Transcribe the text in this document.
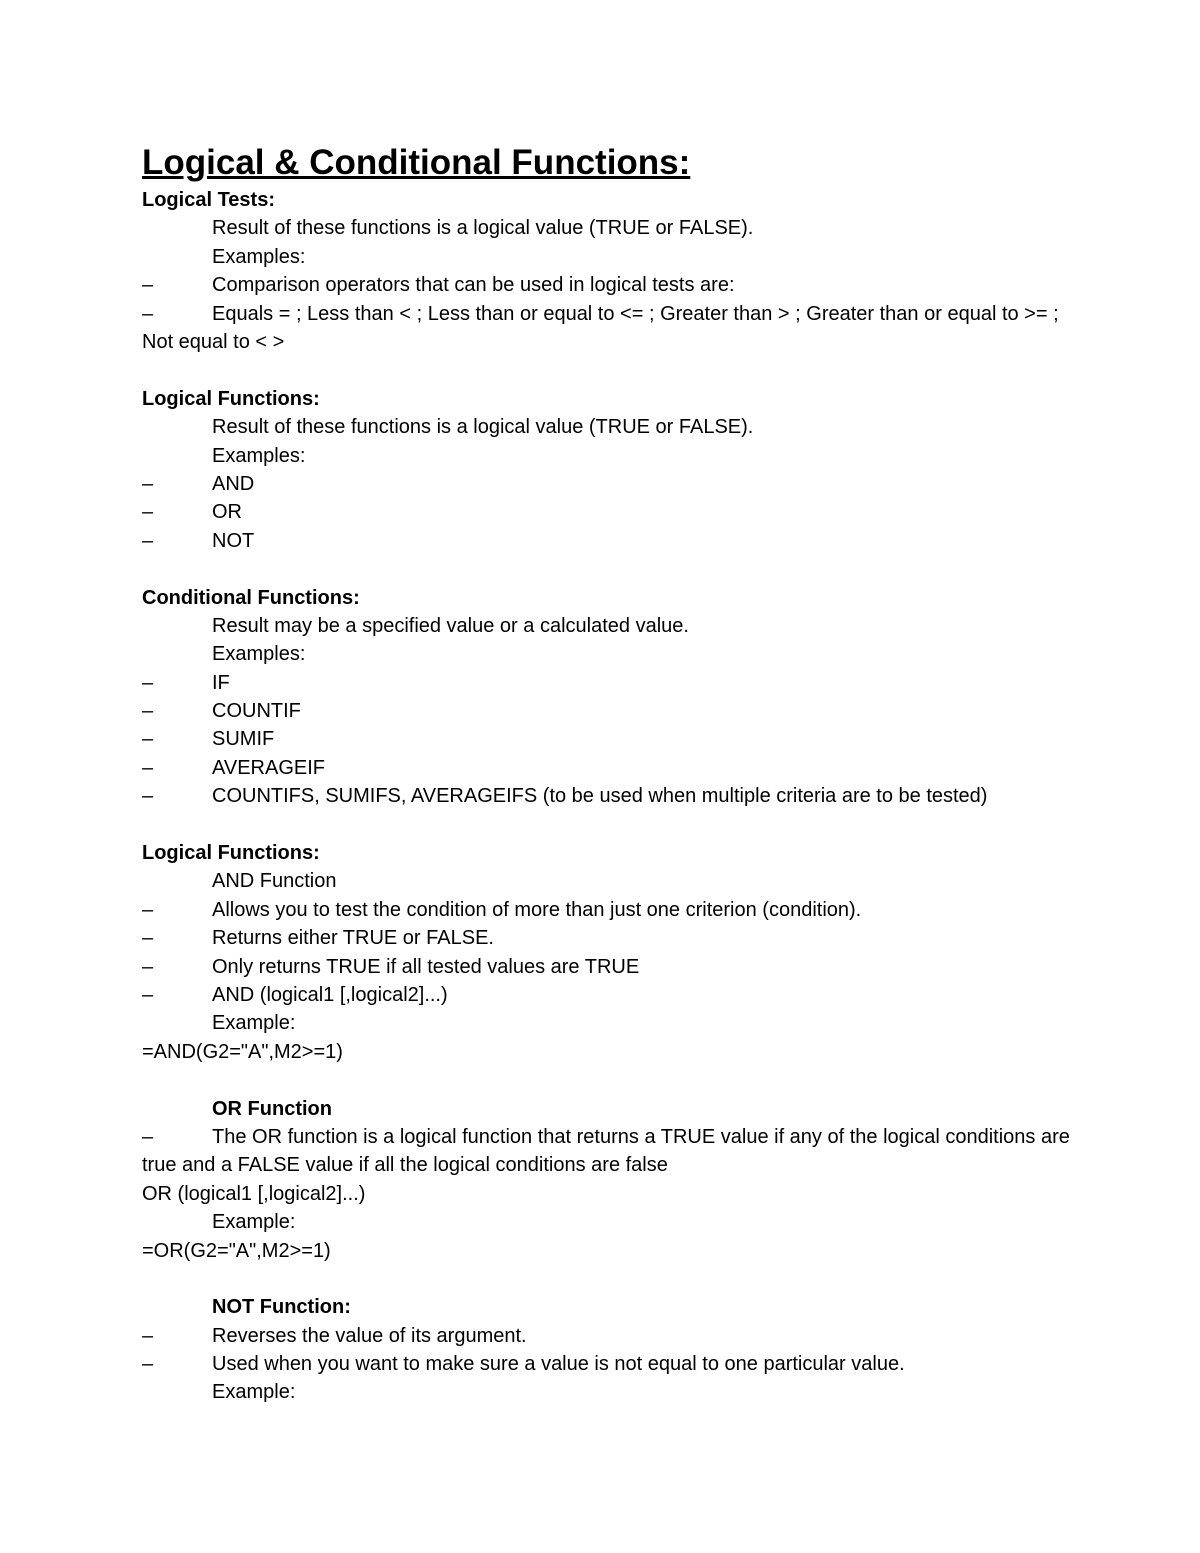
Logical & Conditional Functions:
Logical Tests:
Result of these functions is a logical value (TRUE or FALSE).
Examples:
–	Comparison operators that can be used in logical tests are:
–	Equals = ; Less than < ; Less than or equal to <= ; Greater than > ; Greater than or equal to >= ; Not equal to < >
Logical Functions:
Result of these functions is a logical value (TRUE or FALSE).
Examples:
–	AND
–	OR
–	NOT
Conditional Functions:
Result may be a specified value or a calculated value.
Examples:
–	IF
–	COUNTIF
–	SUMIF
–	AVERAGEIF
–	COUNTIFS, SUMIFS, AVERAGEIFS (to be used when multiple criteria are to be tested)
Logical Functions:
AND Function
–	Allows you to test the condition of more than just one criterion (condition).
–	Returns either TRUE or FALSE.
–	Only returns TRUE if all tested values are TRUE
–	AND (logical1 [,logical2]...)
Example:
=AND(G2="A",M2>=1)
OR Function
–	The OR function is a logical function that returns a TRUE value if any of the logical conditions are true and a FALSE value if all the logical conditions are false
OR (logical1 [,logical2]...)
Example:
=OR(G2="A",M2>=1)
NOT Function:
–	Reverses the value of its argument.
–	Used when you want to make sure a value is not equal to one particular value.
Example:
